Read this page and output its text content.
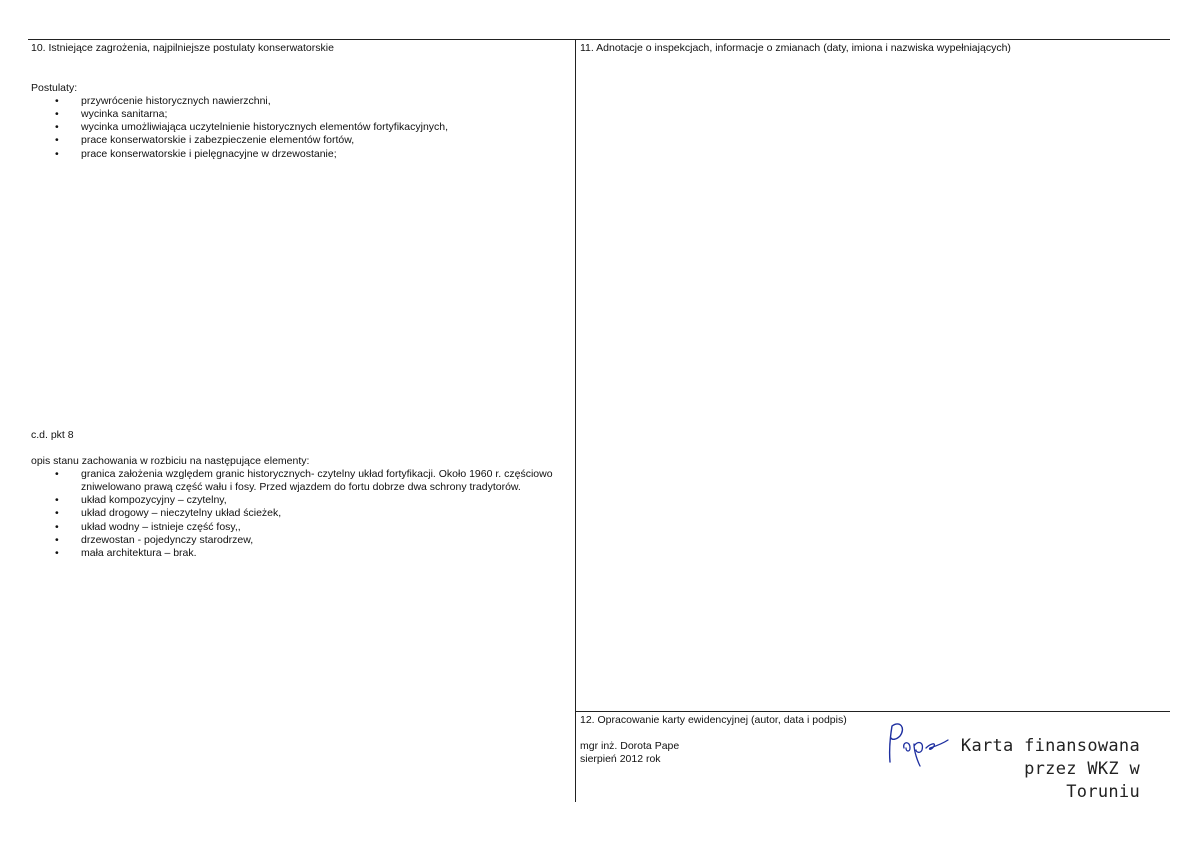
10. Istniejące zagrożenia, najpilniejsze postulaty konserwatorskie
Postulaty:
• przywrócenie historycznych nawierzchni,
• wycinka sanitarna;
• wycinka umożliwiająca uczytelnienie historycznych elementów fortyfikacyjnych,
• prace konserwatorskie i zabezpieczenie elementów fortów,
• prace konserwatorskie i pielęgnacyjne w drzewostanie;
c.d. pkt 8
opis stanu zachowania w rozbiciu na następujące elementy:
• granica założenia względem granic historycznych- czytelny układ fortyfikacji. Około 1960 r. częściowo zniwelowano prawą część wału i fosy. Przed wjazdem do fortu dobrze dwa schrony tradytorów.
• układ kompozycyjny – czytelny,
• układ drogowy – nieczytelny układ ścieżek,
• układ wodny – istnieje część fosy,,
• drzewostan - pojedynczy starodrzew,
• mała architektura – brak.
11. Adnotacje o inspekcjach, informacje o zmianach (daty, imiona i nazwiska wypełniających)
12. Opracowanie karty ewidencyjnej (autor, data i podpis)
mgr inż. Dorota Pape
sierpień 2012 rok
Karta finansowana
przez WKZ w Toruniu
